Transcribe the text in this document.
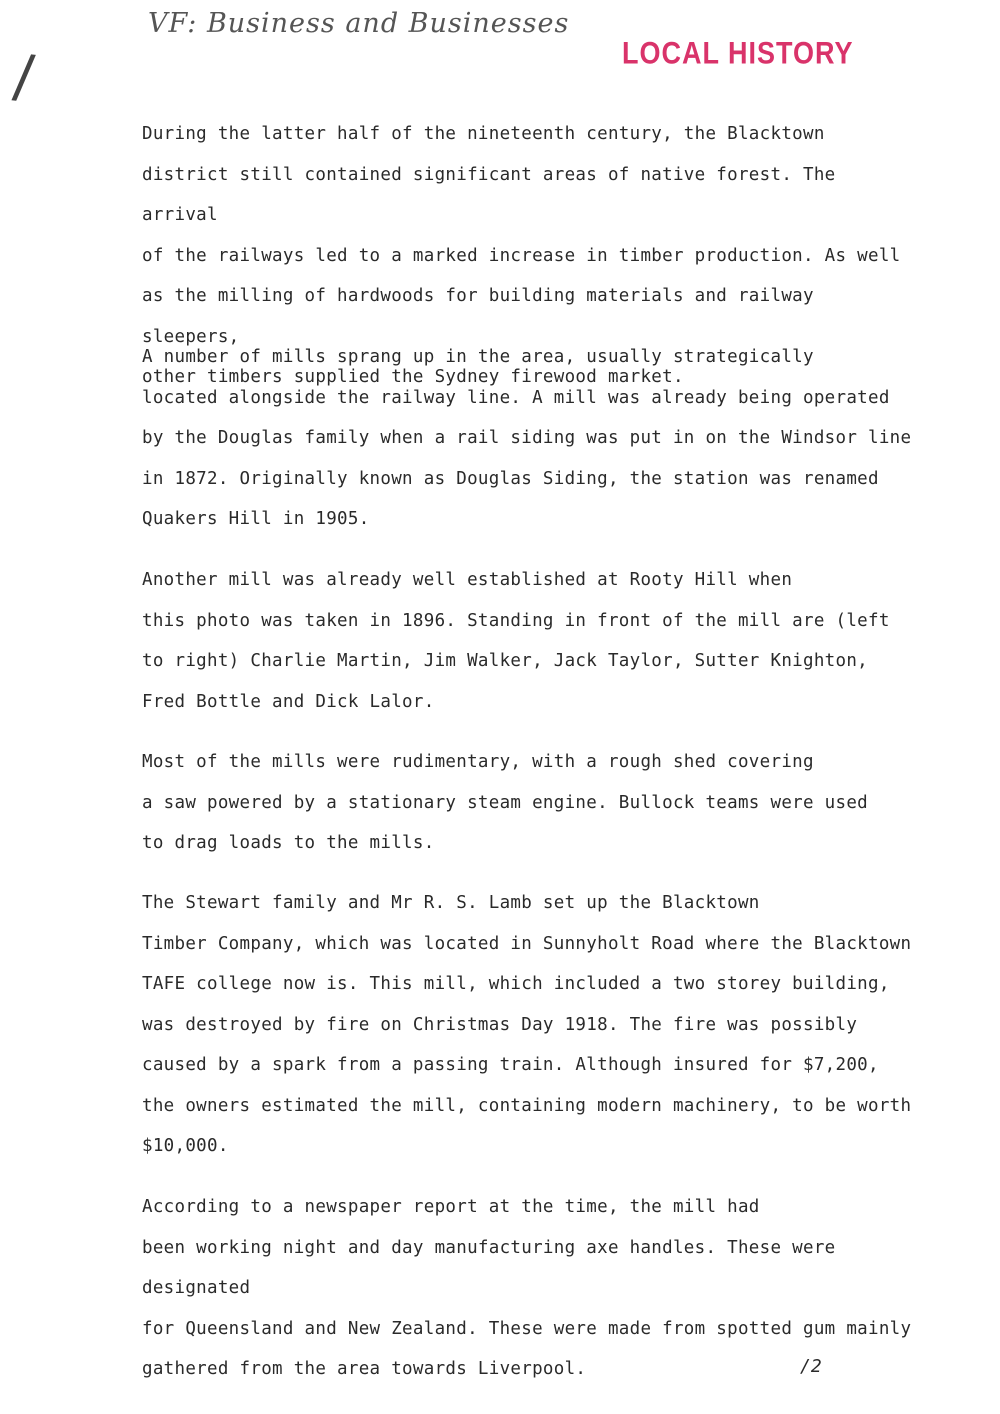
VF: Business and Businesses
/	LOCAL HISTORY
During the latter half of the nineteenth century, the Blacktown
district still contained significant areas of native forest. The arrival
of the railways led to a marked increase in timber production. As well
as the milling of hardwoods for building materials and railway sleepers,
other timbers supplied the Sydney firewood market.
A number of mills sprang up in the area, usually strategically
located alongside the railway line. A mill was already being operated
by the Douglas family when a rail siding was put in on the Windsor line
in 1872. Originally known as Douglas Siding, the station was renamed
Quakers Hill in 1905.
Another mill was already well established at Rooty Hill when
this photo was taken in 1896. Standing in front of the mill are (left
to right) Charlie Martin, Jim Walker, Jack Taylor, Sutter Knighton,
Fred Bottle and Dick Lalor.
Most of the mills were rudimentary, with a rough shed covering
a saw powered by a stationary steam engine. Bullock teams were used
to drag loads to the mills.
The Stewart family and Mr R. S. Lamb set up the Blacktown
Timber Company, which was located in Sunnyholt Road where the Blacktown
TAFE college now is. This mill, which included a two storey building,
was destroyed by fire on Christmas Day 1918. The fire was possibly
caused by a spark from a passing train. Although insured for $7,200,
the owners estimated the mill, containing modern machinery, to be worth
$10,000.
According to a newspaper report at the time, the mill had
been working night and day manufacturing axe handles. These were designated
for Queensland and New Zealand. These were made from spotted gum mainly
gathered from the area towards Liverpool.	/2
